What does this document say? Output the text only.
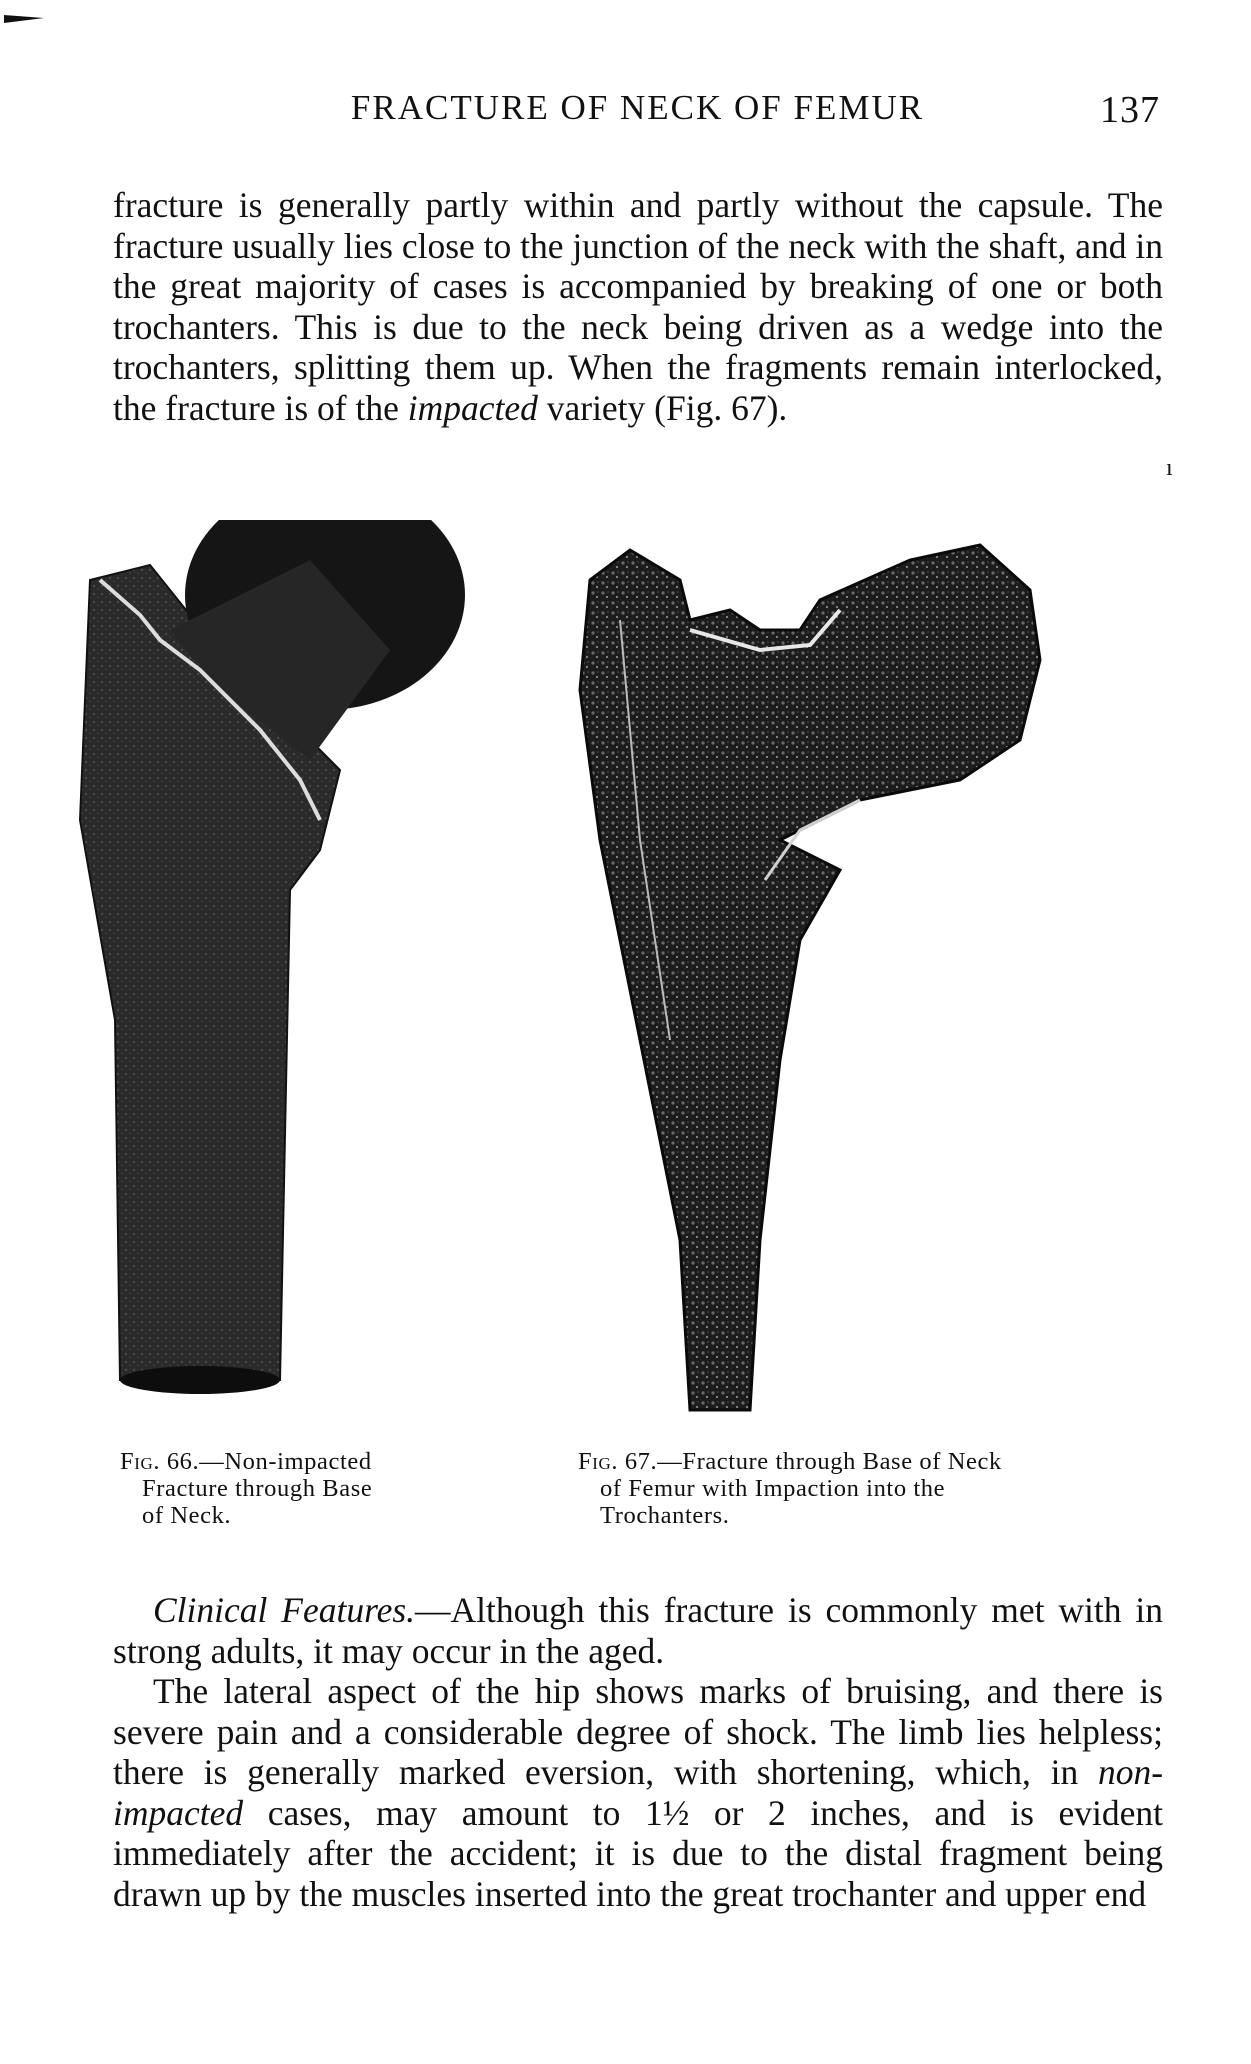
FRACTURE OF NECK OF FEMUR	137

fracture is generally partly within and partly without the capsule. The fracture usually lies close to the junction of the neck with the shaft, and in the great majority of cases is accompanied by breaking of one or both trochanters. This is due to the neck being driven as a wedge into the trochanters, splitting them up. When the fragments remain interlocked, the fracture is of the impacted variety (Fig. 67).

ı
Fig. 66.—Non-impacted
Fracture through Base
of Neck.
Fig. 67.—Fracture through Base of Neck
of Femur with Impaction into the
Trochanters.

Clinical Features.—Although this fracture is commonly met with in strong adults, it may occur in the aged.

The lateral aspect of the hip shows marks of bruising, and there is severe pain and a considerable degree of shock. The limb lies helpless; there is generally marked eversion, with shortening, which, in non-impacted cases, may amount to 1½ or 2 inches, and is evident immediately after the accident; it is due to the distal fragment being drawn up by the muscles inserted into the great trochanter and upper end
